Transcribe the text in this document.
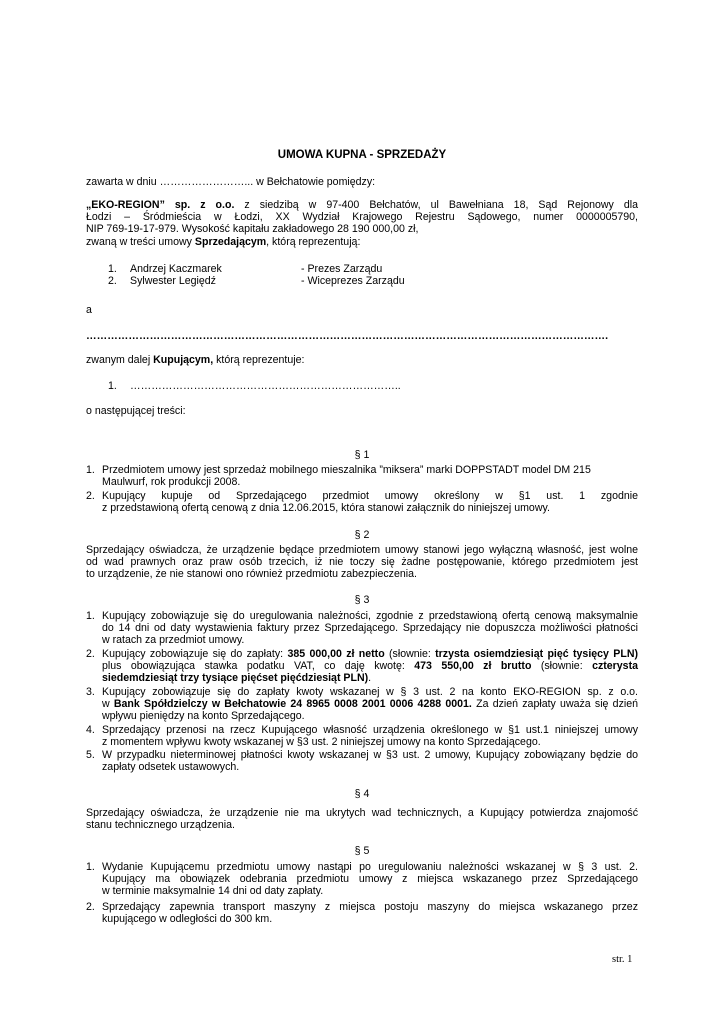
UMOWA KUPNA - SPRZEDAŻY
zawarta w dniu ……………………... w Bełchatowie pomiędzy:
„EKO-REGION” sp. z o.o. z siedzibą w 97-400 Bełchatów, ul Bawełniana 18, Sąd Rejonowy dla
Łodzi – Śródmieścia w Łodzi, XX Wydział Krajowego Rejestru Sądowego, numer 0000005790,
NIP 769-19-17-979. Wysokość kapitału zakładowego 28 190 000,00 zł,
zwaną w treści umowy Sprzedającym, którą reprezentują:
1. Andrzej Kaczmarek	- Prezes Zarządu
2. Sylwester Legiędź	- Wiceprezes Zarządu
a
………………………………………………………………………………………………………………………………….
zwanym dalej Kupującym, którą reprezentuje:
1. …………………………………………………………………..
o następującej treści:
§ 1
1. Przedmiotem umowy jest sprzedaż mobilnego mieszalnika ”miksera” marki DOPPSTADT model DM 215
Maulwurf, rok produkcji 2008.
2. Kupujący kupuje od Sprzedającego przedmiot umowy określony w §1 ust. 1 zgodnie
z przedstawioną ofertą cenową z dnia 12.06.2015, która stanowi załącznik do niniejszej umowy.
§ 2
Sprzedający oświadcza, że urządzenie będące przedmiotem umowy stanowi jego wyłączną własność, jest wolne
od wad prawnych oraz praw osób trzecich, iż nie toczy się żadne postępowanie, którego przedmiotem jest
to urządzenie, że nie stanowi ono również przedmiotu zabezpieczenia.
§ 3
1. Kupujący zobowiązuje się do uregulowania należności, zgodnie z przedstawioną ofertą cenową maksymalnie
do 14 dni od daty wystawienia faktury przez Sprzedającego. Sprzedający nie dopuszcza możliwości płatności
w ratach za przedmiot umowy.
2. Kupujący zobowiązuje się do zapłaty: 385 000,00 zł netto (słownie: trzysta osiemdziesiąt pięć tysięcy PLN)
plus obowiązująca stawka podatku VAT, co daję kwotę: 473 550,00 zł brutto (słownie: czterysta
siedemdziesiąt trzy tysiące pięćset pięćdziesiąt PLN).
3. Kupujący zobowiązuje się do zapłaty kwoty wskazanej w § 3 ust. 2 na konto EKO-REGION sp. z o.o.
w Bank Spółdzielczy w Bełchatowie 24 8965 0008 2001 0006 4288 0001. Za dzień zapłaty uważa się dzień
wpływu pieniędzy na konto Sprzedającego.
4. Sprzedający przenosi na rzecz Kupującego własność urządzenia określonego w §1 ust.1 niniejszej umowy
z momentem wpływu kwoty wskazanej w §3 ust. 2 niniejszej umowy na konto Sprzedającego.
5. W przypadku nieterminowej płatności kwoty wskazanej w §3 ust. 2 umowy, Kupujący zobowiązany będzie do
zapłaty odsetek ustawowych.
§ 4
Sprzedający oświadcza, że urządzenie nie ma ukrytych wad technicznych, a Kupujący potwierdza znajomość
stanu technicznego urządzenia.
§ 5
1. Wydanie Kupującemu przedmiotu umowy nastąpi po uregulowaniu należności wskazanej w § 3 ust. 2.
Kupujący ma obowiązek odebrania przedmiotu umowy z miejsca wskazanego przez Sprzedającego
w terminie maksymalnie 14 dni od daty zapłaty.
2. Sprzedający zapewnia transport maszyny z miejsca postoju maszyny do miejsca wskazanego przez
kupującego w odległości do 300 km.
str. 1
